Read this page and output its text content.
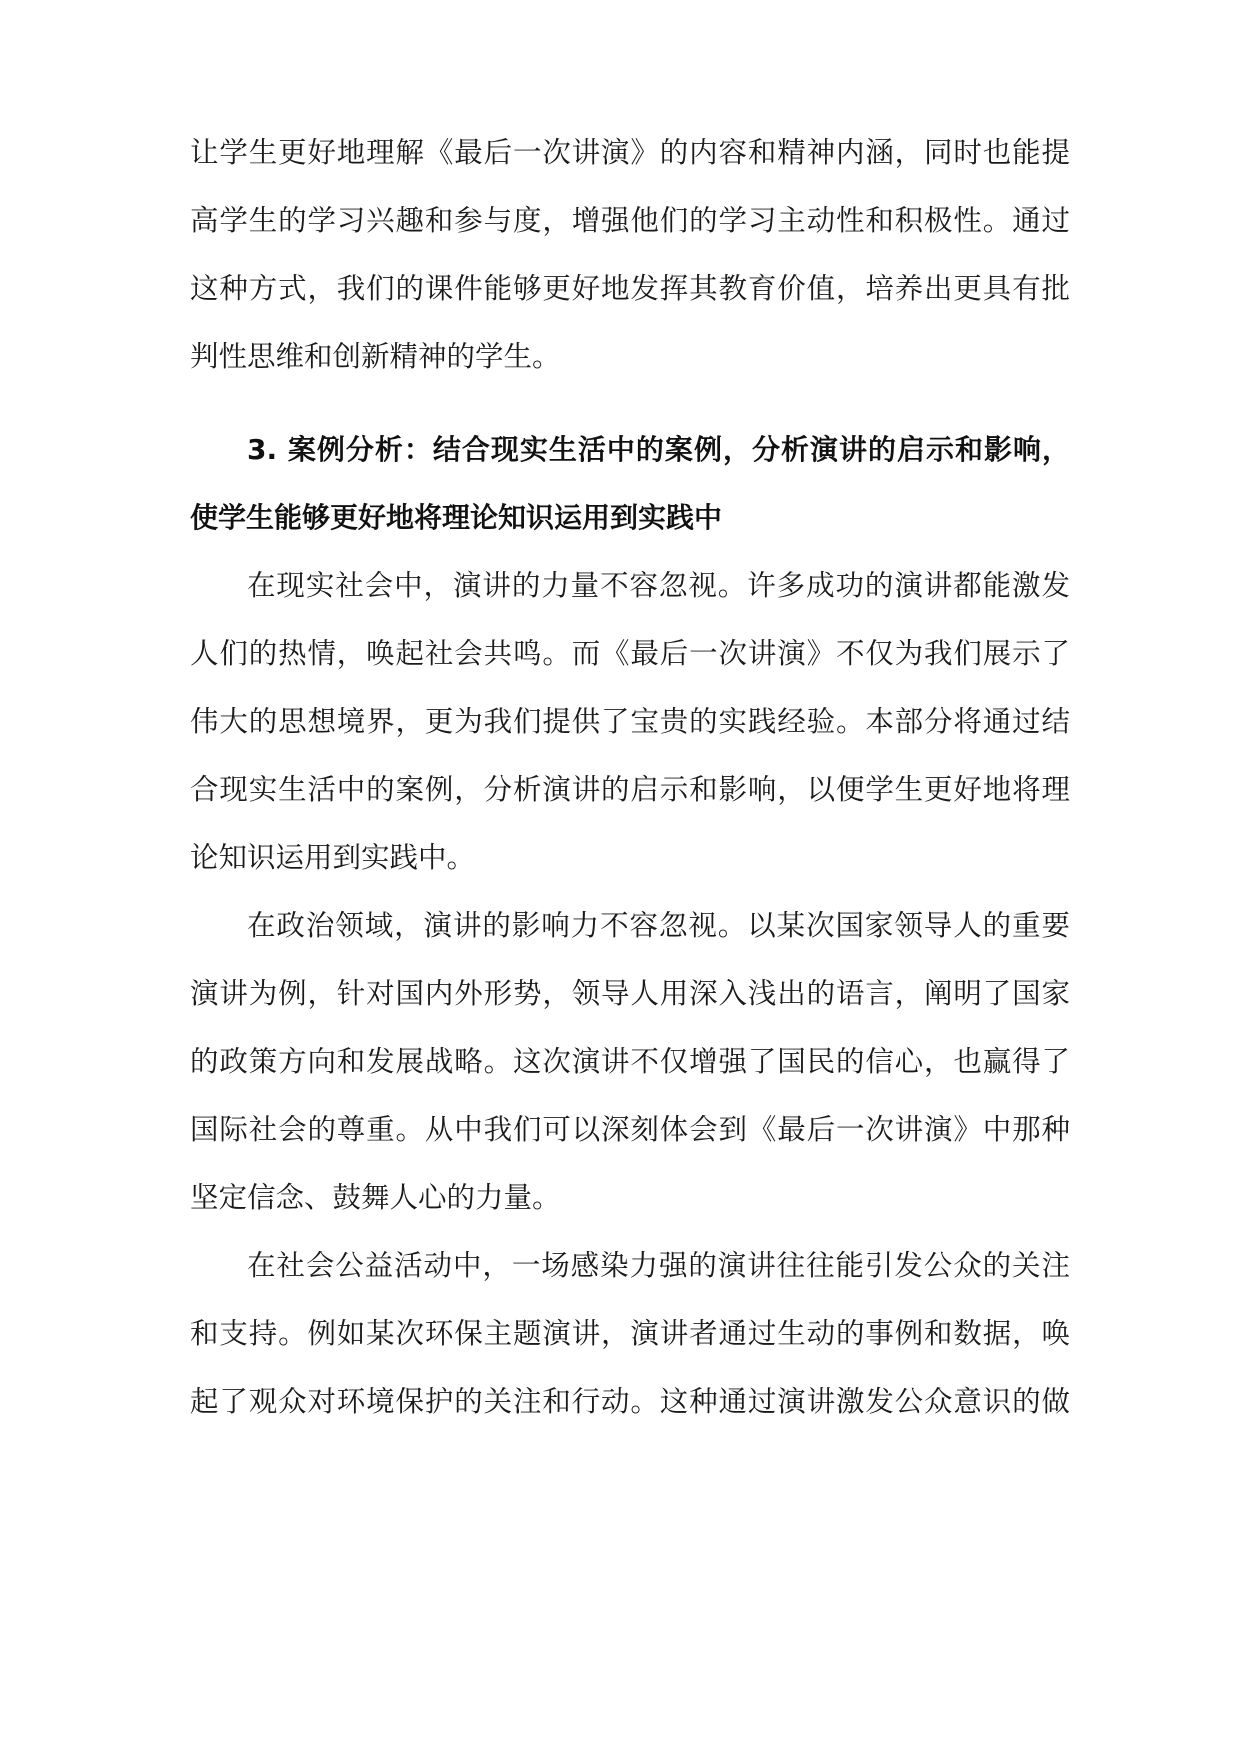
让学生更好地理解《最后一次讲演》的内容和精神内涵，同时也能提
高学生的学习兴趣和参与度，增强他们的学习主动性和积极性。通过
这种方式，我们的课件能够更好地发挥其教育价值，培养出更具有批
判性思维和创新精神的学生。
3. 案例分析：结合现实生活中的案例，分析演讲的启示和影响，
使学生能够更好地将理论知识运用到实践中
在现实社会中，演讲的力量不容忽视。许多成功的演讲都能激发
人们的热情，唤起社会共鸣。而《最后一次讲演》不仅为我们展示了
伟大的思想境界，更为我们提供了宝贵的实践经验。本部分将通过结
合现实生活中的案例，分析演讲的启示和影响，以便学生更好地将理
论知识运用到实践中。
在政治领域，演讲的影响力不容忽视。以某次国家领导人的重要
演讲为例，针对国内外形势，领导人用深入浅出的语言，阐明了国家
的政策方向和发展战略。这次演讲不仅增强了国民的信心，也赢得了
国际社会的尊重。从中我们可以深刻体会到《最后一次讲演》中那种
坚定信念、鼓舞人心的力量。
在社会公益活动中，一场感染力强的演讲往往能引发公众的关注
和支持。例如某次环保主题演讲，演讲者通过生动的事例和数据，唤
起了观众对环境保护的关注和行动。这种通过演讲激发公众意识的做
